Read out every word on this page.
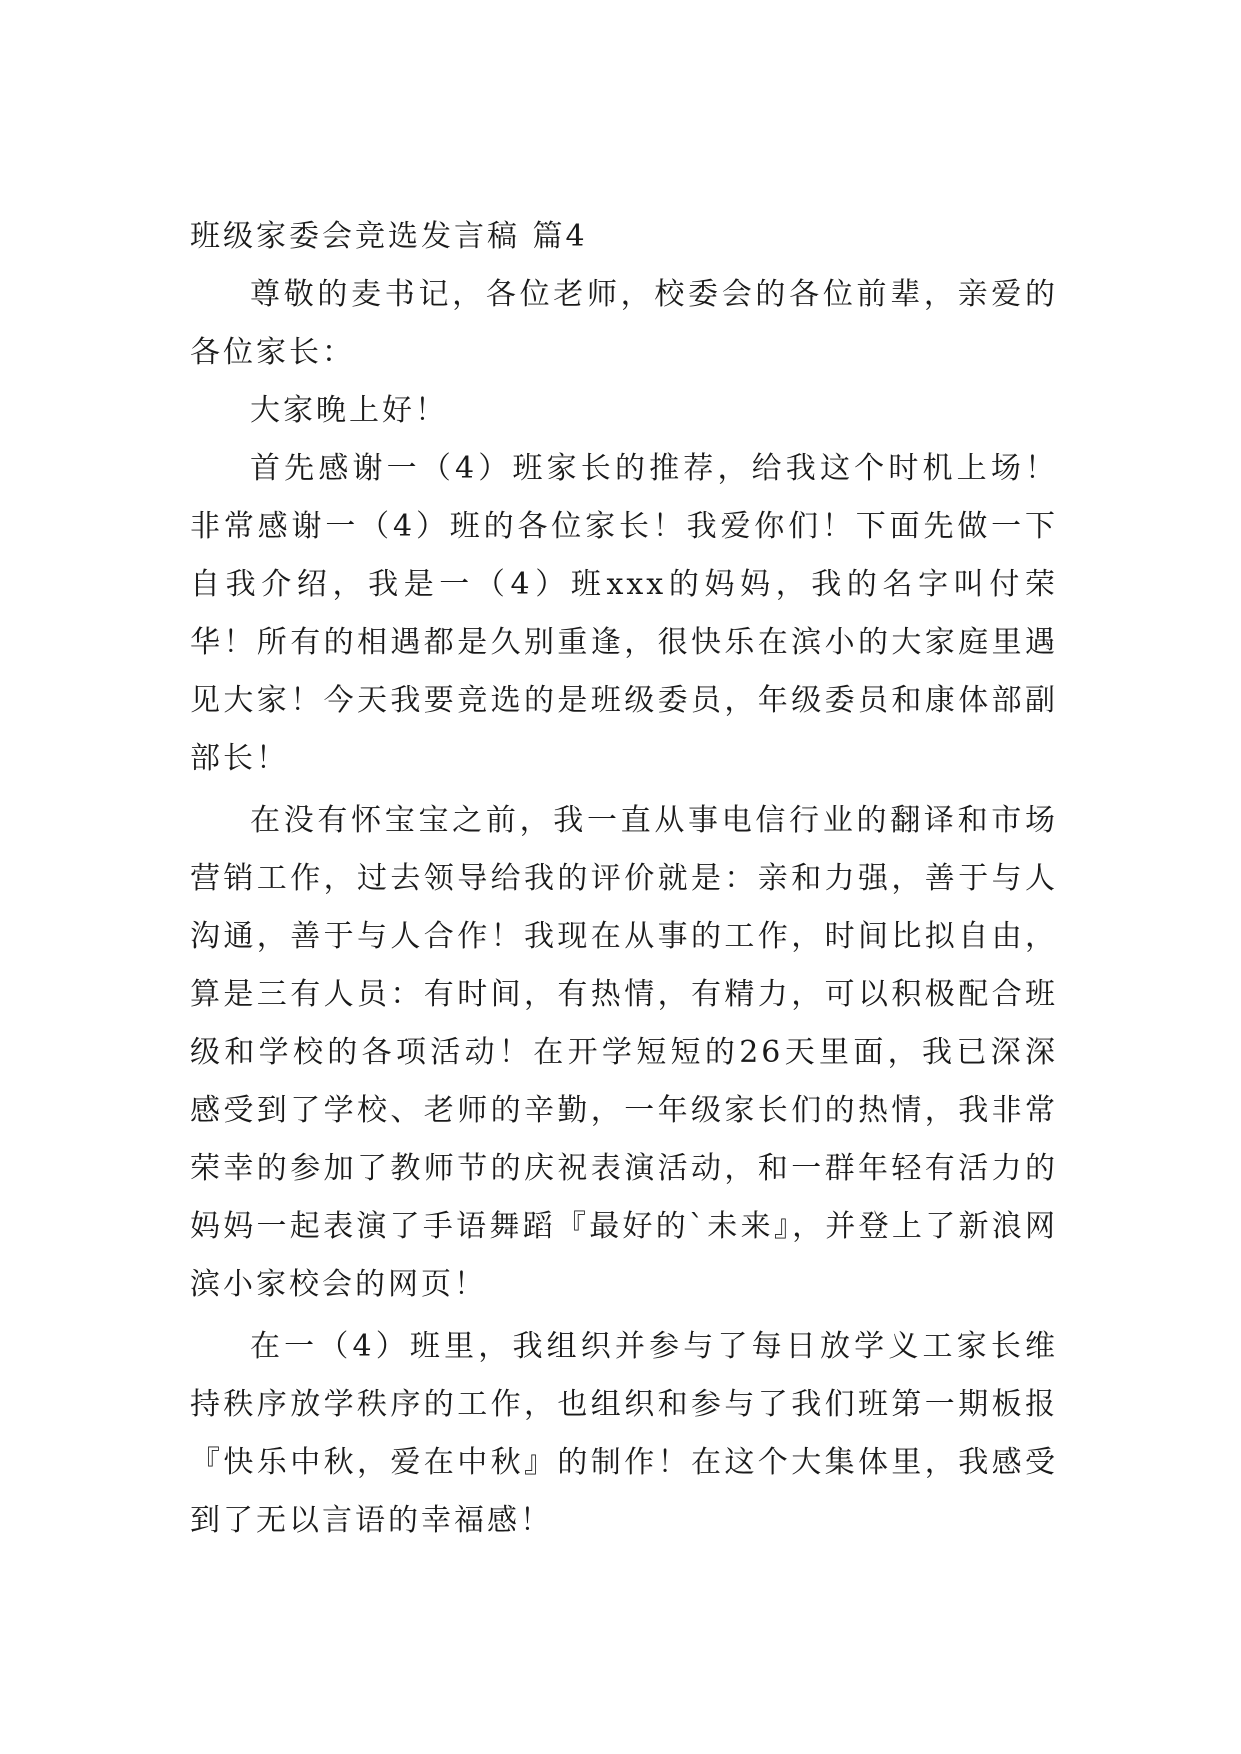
班级家委会竞选发言稿 篇4

尊敬的麦书记，各位老师，校委会的各位前辈，亲爱的各位家长：

大家晚上好！

首先感谢一（4）班家长的推荐，给我这个时机上场！非常感谢一（4）班的各位家长！我爱你们！下面先做一下自我介绍，我是一（4）班xxx的妈妈，我的名字叫付荣华！所有的相遇都是久别重逢，很快乐在滨小的大家庭里遇见大家！今天我要竞选的是班级委员，年级委员和康体部副部长！

在没有怀宝宝之前，我一直从事电信行业的翻译和市场营销工作，过去领导给我的评价就是：亲和力强，善于与人沟通，善于与人合作！我现在从事的工作，时间比拟自由，算是三有人员：有时间，有热情，有精力，可以积极配合班级和学校的各项活动！在开学短短的26天里面，我已深深感受到了学校、老师的辛勤，一年级家长们的热情，我非常荣幸的参加了教师节的庆祝表演活动，和一群年轻有活力的妈妈一起表演了手语舞蹈『最好的`未来』，并登上了新浪网滨小家校会的网页！

在一（4）班里，我组织并参与了每日放学义工家长维持秩序放学秩序的工作，也组织和参与了我们班第一期板报『快乐中秋，爱在中秋』的制作！在这个大集体里，我感受到了无以言语的幸福感！
